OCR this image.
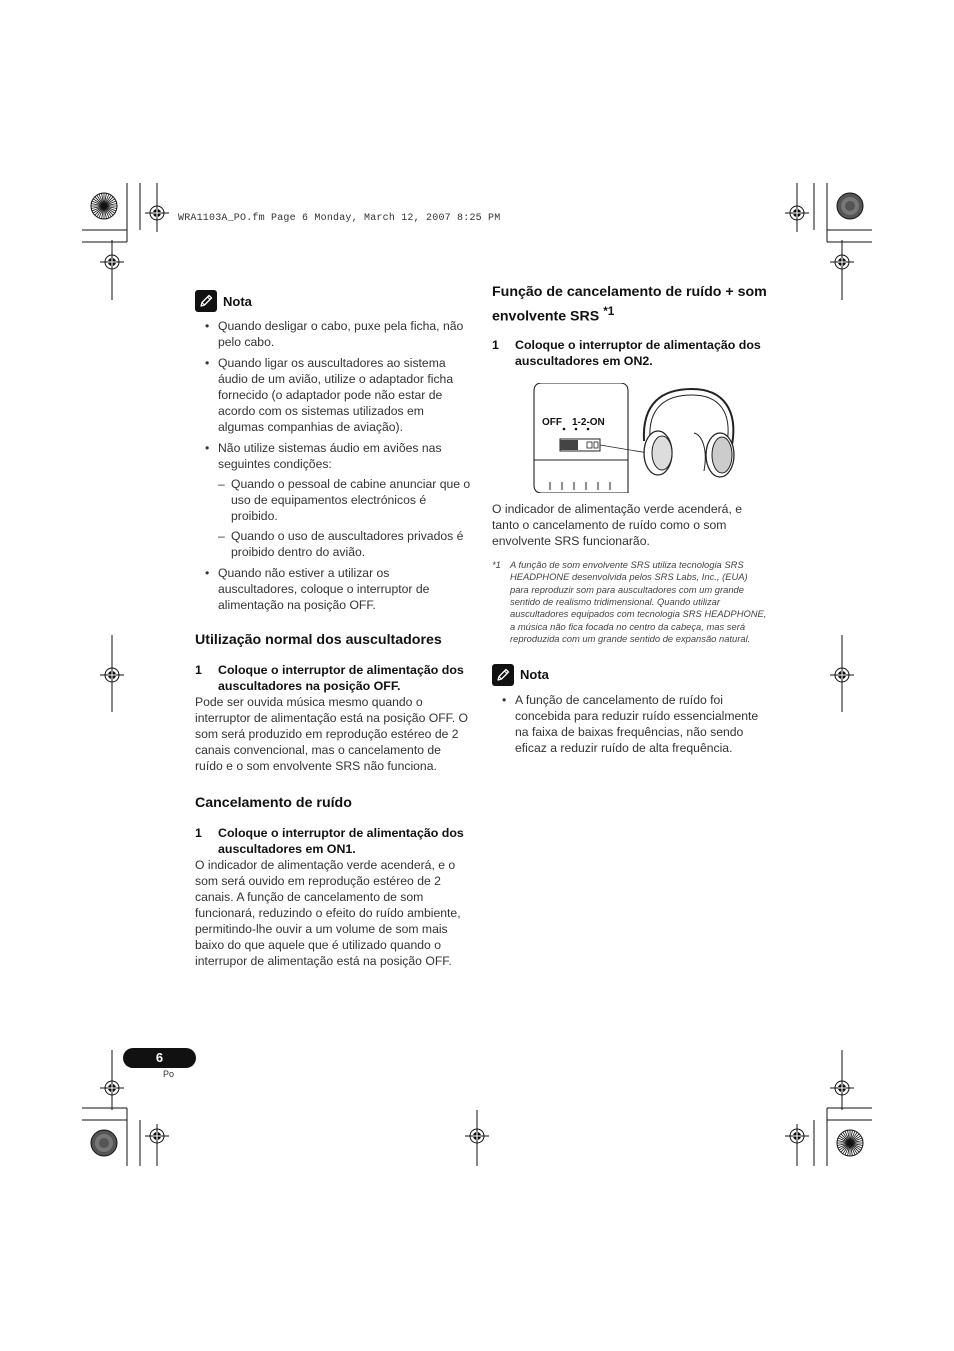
WRA1103A_PO.fm Page 6 Monday, March 12, 2007 8:25 PM
Nota
• Quando desligar o cabo, puxe pela ficha, não pelo cabo.
• Quando ligar os auscultadores ao sistema áudio de um avião, utilize o adaptador ficha fornecido (o adaptador pode não estar de acordo com os sistemas utilizados em algumas companhias de aviação).
• Não utilize sistemas áudio em aviões nas seguintes condições:
– Quando o pessoal de cabine anunciar que o uso de equipamentos electrónicos é proibido.
– Quando o uso de auscultadores privados é proibido dentro do avião.
• Quando não estiver a utilizar os auscultadores, coloque o interruptor de alimentação na posição OFF.
Utilização normal dos auscultadores
1	Coloque o interruptor de alimentação dos auscultadores na posição OFF.

Pode ser ouvida música mesmo quando o interruptor de alimentação está na posição OFF. O som será produzido em reprodução estéreo de 2 canais convencional, mas o cancelamento de ruído e o som envolvente SRS não funciona.

Cancelamento de ruído
1	Coloque o interruptor de alimentação dos auscultadores em ON1.

O indicador de alimentação verde acenderá, e o som será ouvido em reprodução estéreo de 2 canais. A função de cancelamento de som funcionará, reduzindo o efeito do ruído ambiente, permitindo-lhe ouvir a um volume de som mais baixo do que aquele que é utilizado quando o interrupor de alimentação está na posição OFF.

Função de cancelamento de ruído + som envolvente SRS $^{*1}$
1	Coloque o interruptor de alimentação dos auscultadores em ON2.
OFF 1-2-ON

O indicador de alimentação verde acenderá, e tanto o cancelamento de ruído como o som envolvente SRS funcionarão.

*1 A função de som envolvente SRS utiliza tecnologia SRS HEADPHONE desenvolvida pelos SRS Labs, Inc., (EUA) para reproduzir som para auscultadores com um grande sentido de realismo tridimensional. Quando utilizar auscultadores equipados com tecnologia SRS HEADPHONE, a música não fica focada no centro da cabeça, mas será reproduzida com um grande sentido de expansão natural.
Nota
• A função de cancelamento de ruído foi concebida para reduzir ruído essencialmente na faixa de baixas frequências, não sendo eficaz a reduzir ruído de alta frequência.
6
Po
